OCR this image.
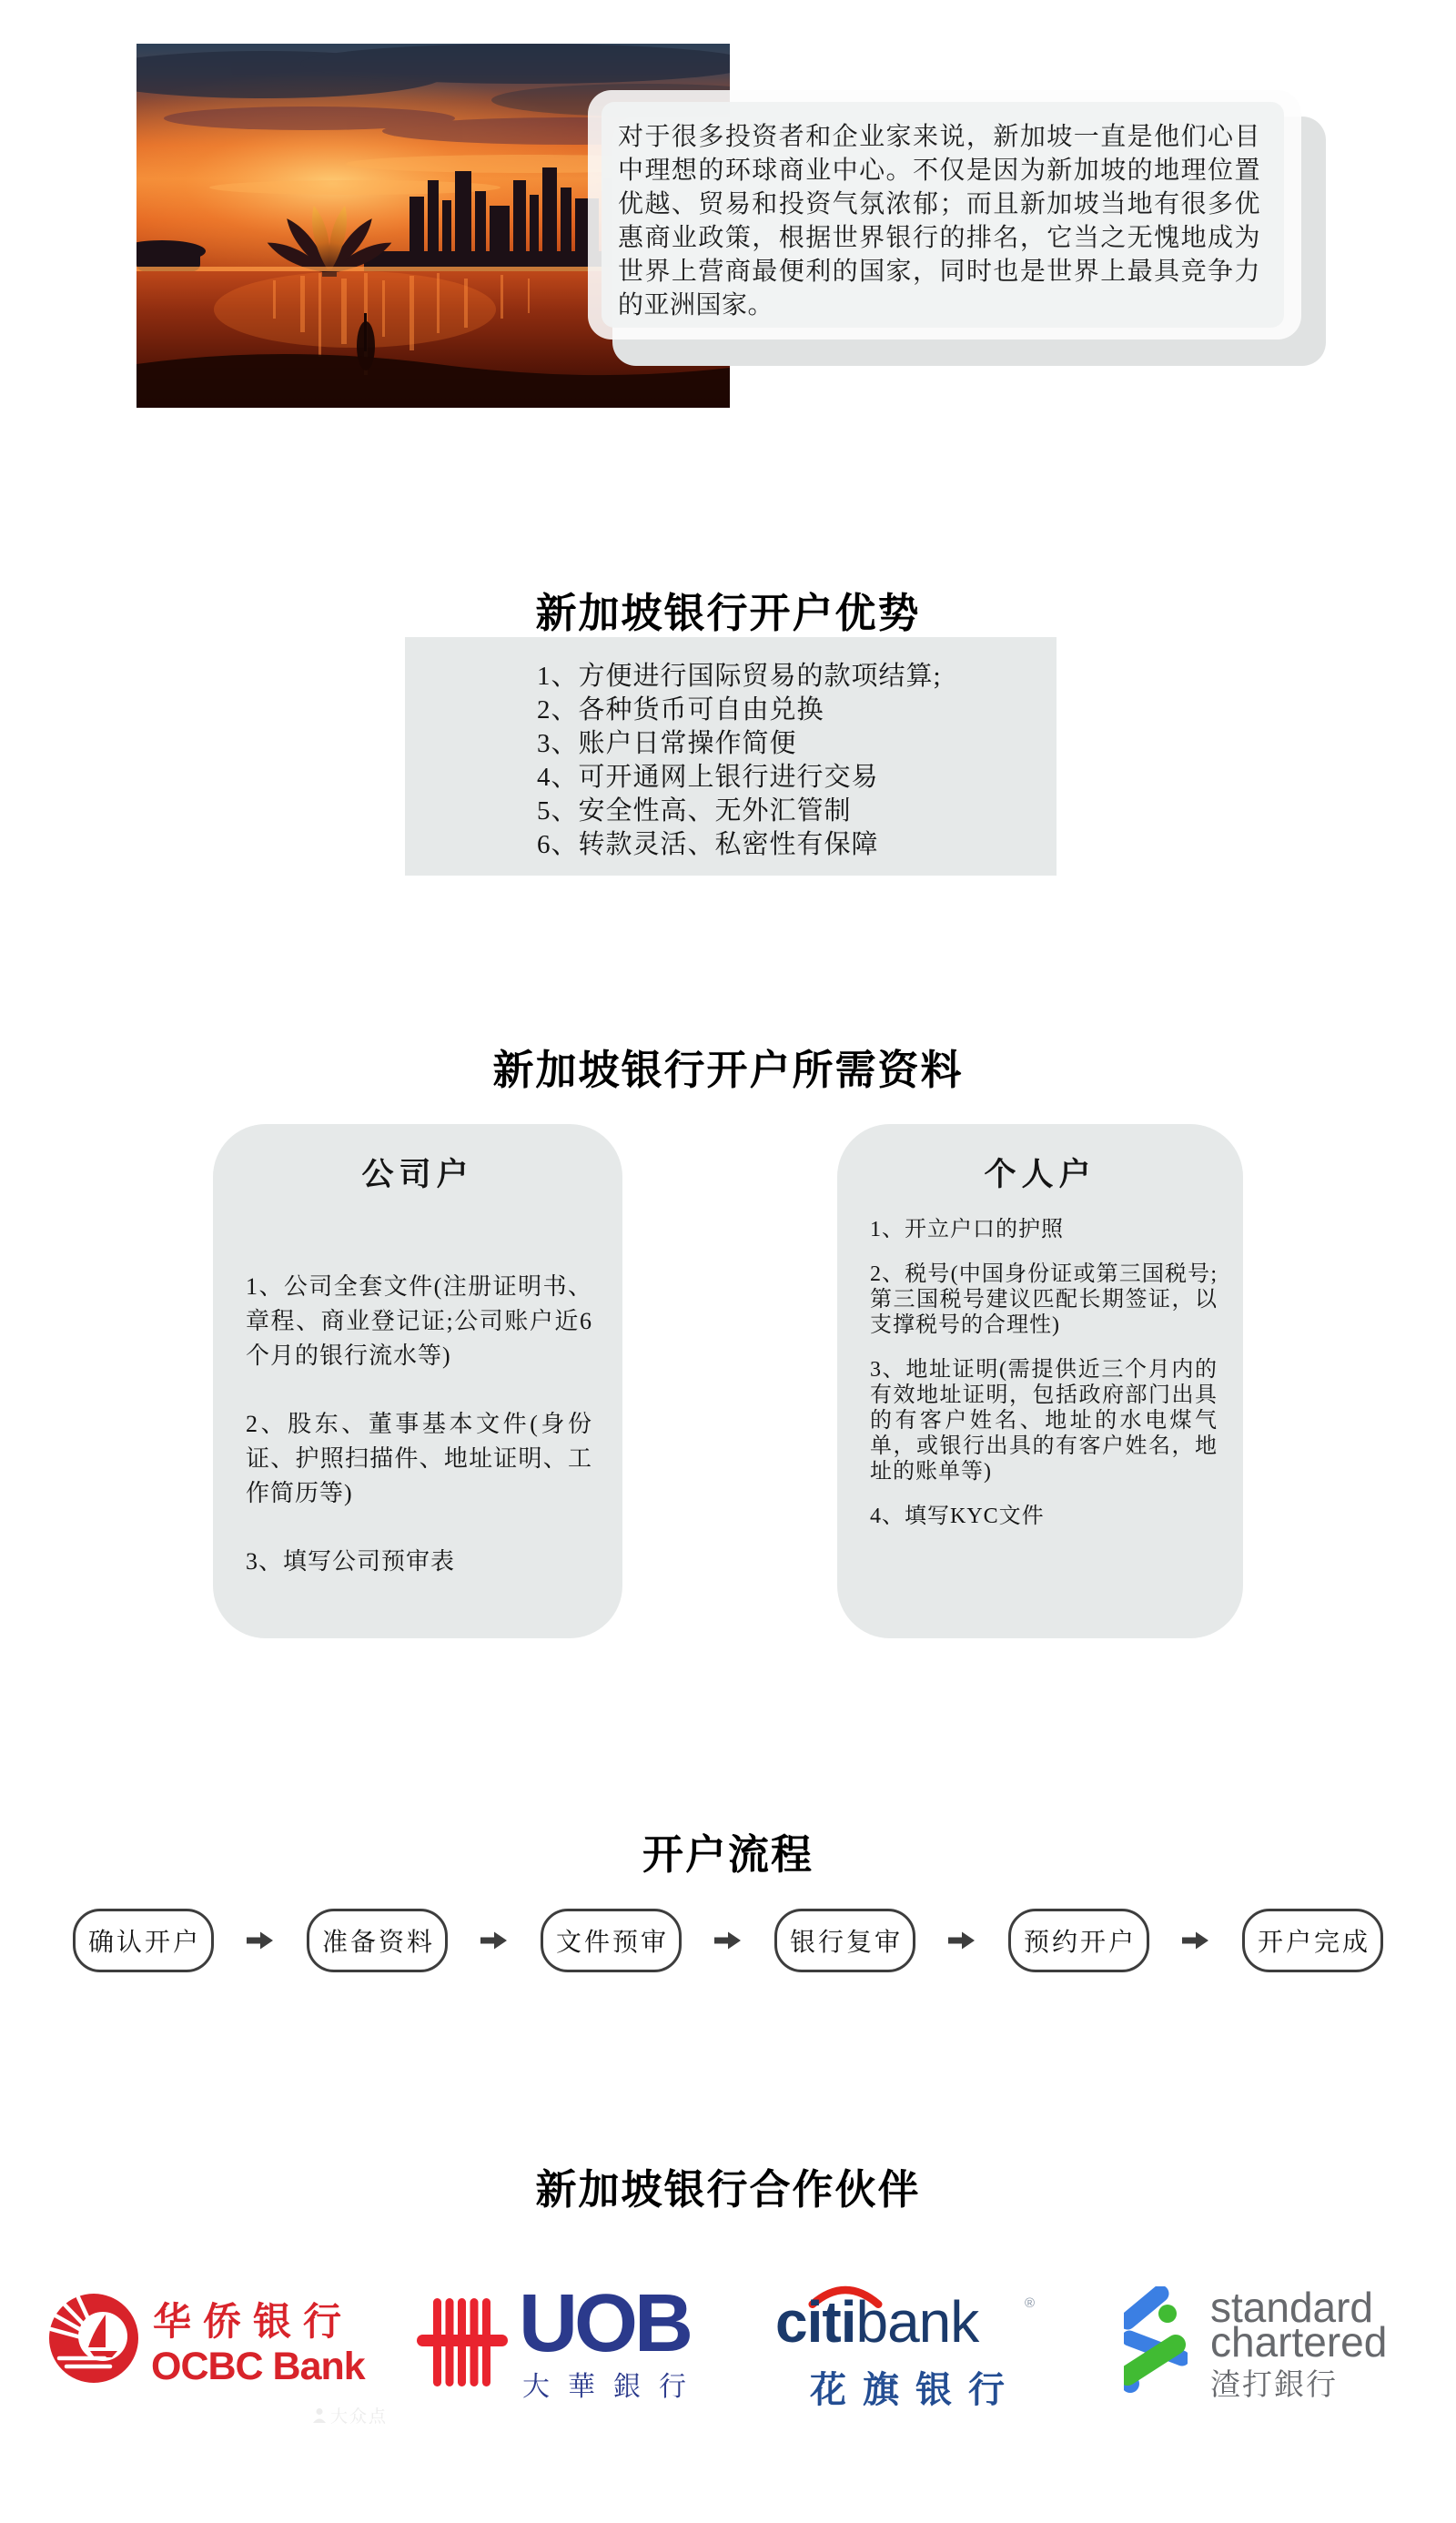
对于很多投资者和企业家来说，新加坡一直是他们心目中理想的环球商业中心。不仅是因为新加坡的地理位置优越、贸易和投资气氛浓郁；而且新加坡当地有很多优惠商业政策，根据世界银行的排名，它当之无愧地成为世界上营商最便利的国家，同时也是世界上最具竞争力的亚洲国家。

新加坡银行开户优势
1、方便进行国际贸易的款项结算;
2、各种货币可自由兑换
3、账户日常操作简便
4、可开通网上银行进行交易
5、安全性高、无外汇管制
6、转款灵活、私密性有保障
新加坡银行开户所需资料
公司户

1、公司全套文件(注册证明书、章程、商业登记证;公司账户近6个月的银行流水等)

2、股东、董事基本文件(身份证、护照扫描件、地址证明、工作简历等)

3、填写公司预审表

个人户

1、开立户口的护照

2、税号(中国身份证或第三国税号;第三国税号建议匹配长期签证，以支撑税号的合理性)

3、地址证明(需提供近三个月内的有效地址证明，包括政府部门出具的有客户姓名、地址的水电煤气单，或银行出具的有客户姓名，地址的账单等)

4、填写KYC文件

开户流程
确认开户	准备资料	文件预审	银行复审	预约开户	开户完成
新加坡银行合作伙伴
华侨银行
OCBC Bank UOB
大華銀行
citibank	®
花旗银行
standard
chartered
渣打銀行
大众点
